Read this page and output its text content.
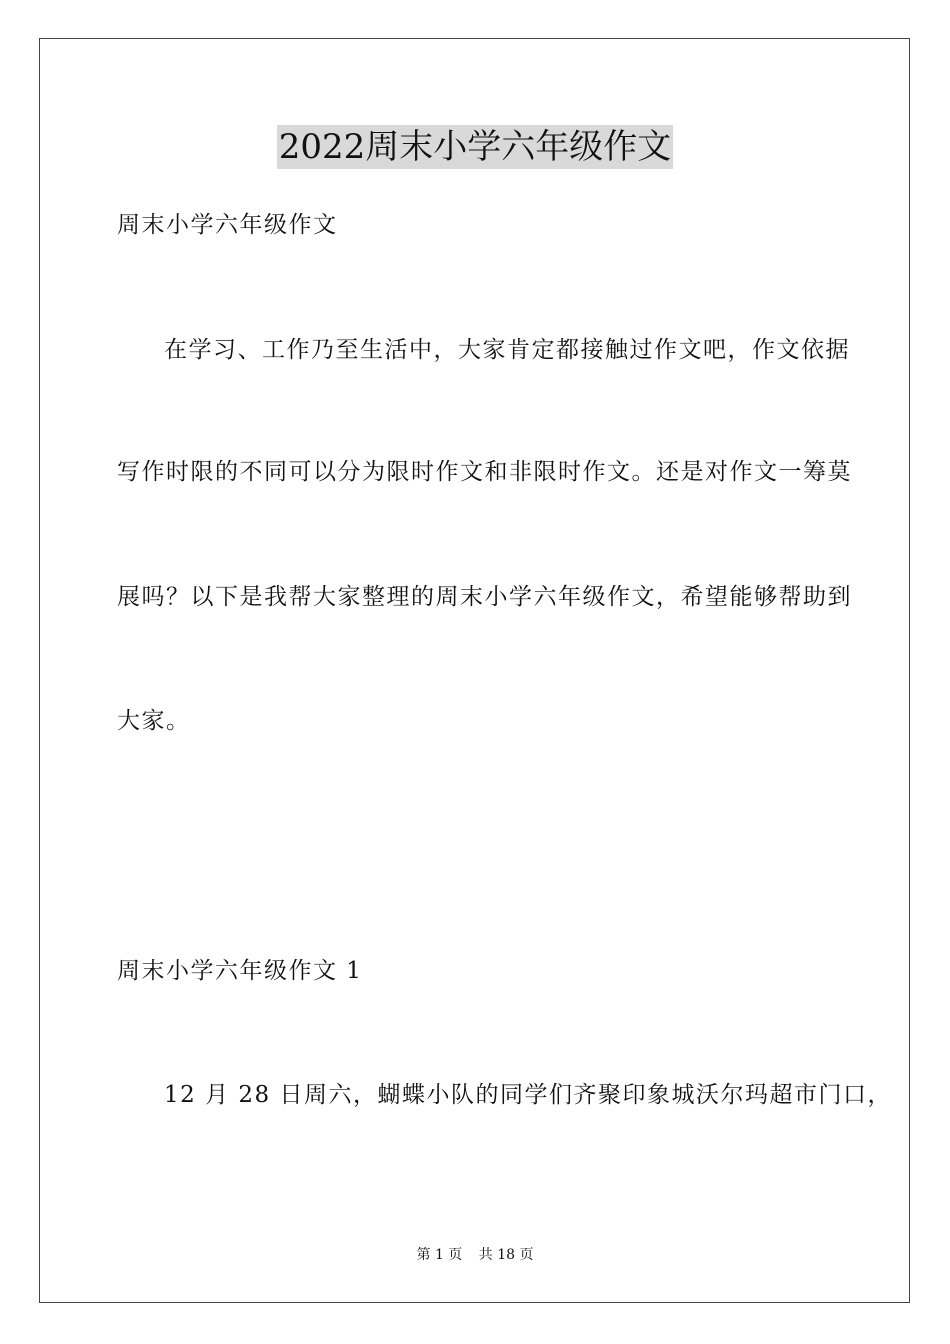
2022周末小学六年级作文
周末小学六年级作文
在学习、工作乃至生活中，大家肯定都接触过作文吧，作文依据
写作时限的不同可以分为限时作文和非限时作文。还是对作文一筹莫
展吗？以下是我帮大家整理的周末小学六年级作文，希望能够帮助到
大家。
周末小学六年级作文 1
12 月 28 日周六，蝴蝶小队的同学们齐聚印象城沃尔玛超市门口，
第 1 页 共 18 页
